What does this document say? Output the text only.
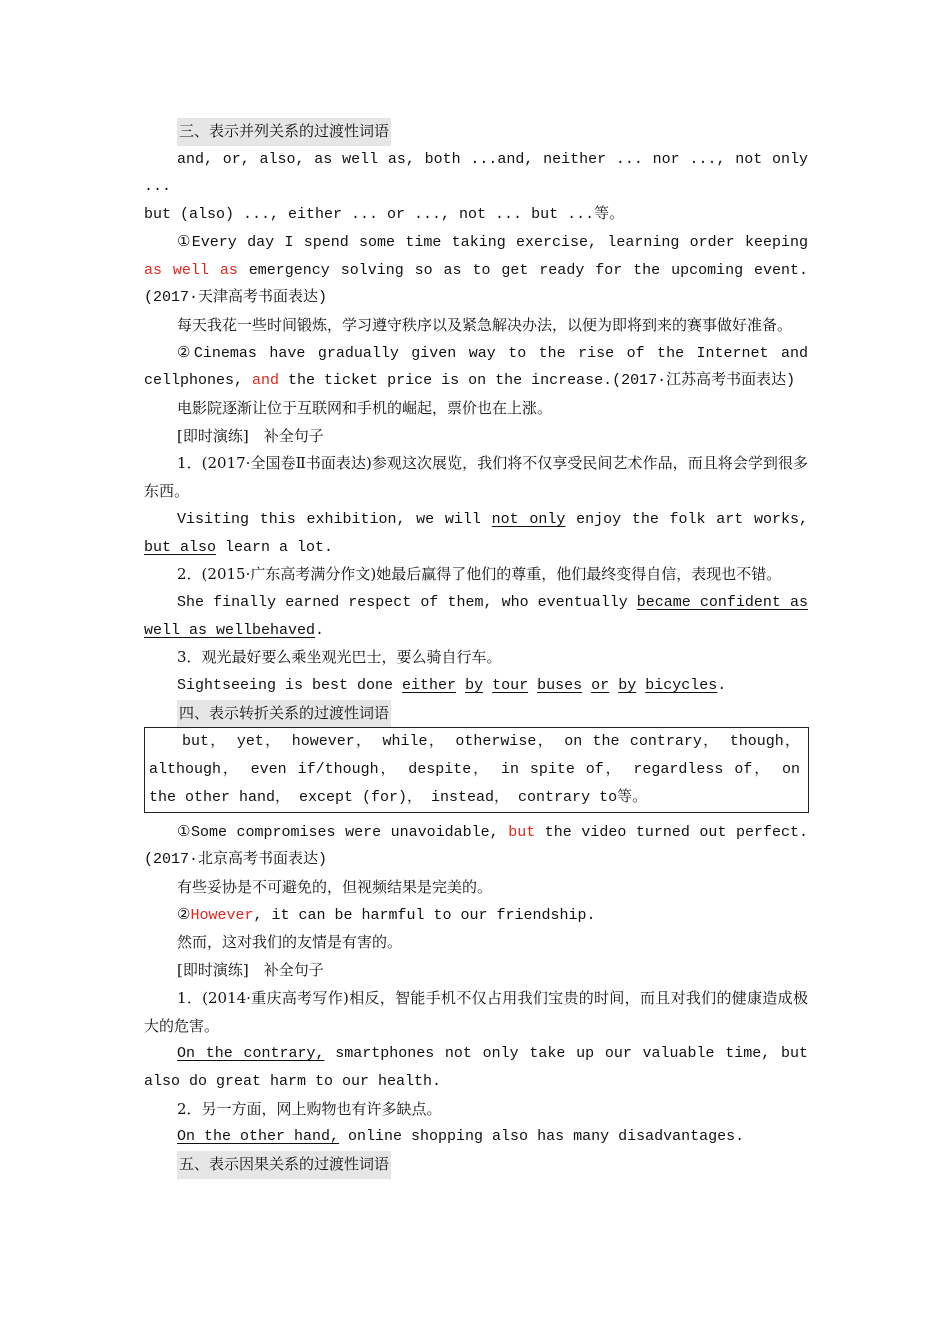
三、表示并列关系的过渡性词语

and, or, also, as well as, both ...and, neither ... nor ..., not only ...

but (also) ..., either ... or ..., not ... but ...等。

①Every day I spend some time taking exercise, learning order keeping as well as emergency solving so as to get ready for the upcoming event.(2017·天津高考书面表达)

每天我花一些时间锻炼，学习遵守秩序以及紧急解决办法，以便为即将到来的赛事做好准备。

②Cinemas have gradually given way to the rise of the Internet and cellphones, and the ticket price is on the increase.(2017·江苏高考书面表达)

电影院逐渐让位于互联网和手机的崛起，票价也在上涨。

[即时演练]　 补全句子

1．(2017·全国卷Ⅱ书面表达)参观这次展览，我们将不仅享受民间艺术作品，而且将会学到很多东西。

Visiting this exhibition, we will not only enjoy the folk art works, but also learn a lot.

2．(2015·广东高考满分作文)她最后赢得了他们的尊重，他们最终变得自信，表现也不错。

She finally earned respect of them, who eventually became confident as well as wellbehaved.

3．观光最好要么乘坐观光巴士，要么骑自行车。

Sightseeing is best done either by tour buses or by bicycles.

四、表示转折关系的过渡性词语

but， yet， however， while， otherwise， on the contrary， though，although， even if/though， despite， in spite of， regardless of， on the other hand， except (for)， instead， contrary to等。

①Some compromises were unavoidable, but the video turned out perfect.(2017·北京高考书面表达)

有些妥协是不可避免的，但视频结果是完美的。

②However, it can be harmful to our friendship.

然而，这对我们的友情是有害的。

[即时演练]　 补全句子

1．(2014·重庆高考写作)相反，智能手机不仅占用我们宝贵的时间，而且对我们的健康造成极大的危害。

On the contrary, smartphones not only take up our valuable time, but also do great harm to our health.

2．另一方面，网上购物也有许多缺点。

On the other hand, online shopping also has many disadvantages.

五、表示因果关系的过渡性词语
